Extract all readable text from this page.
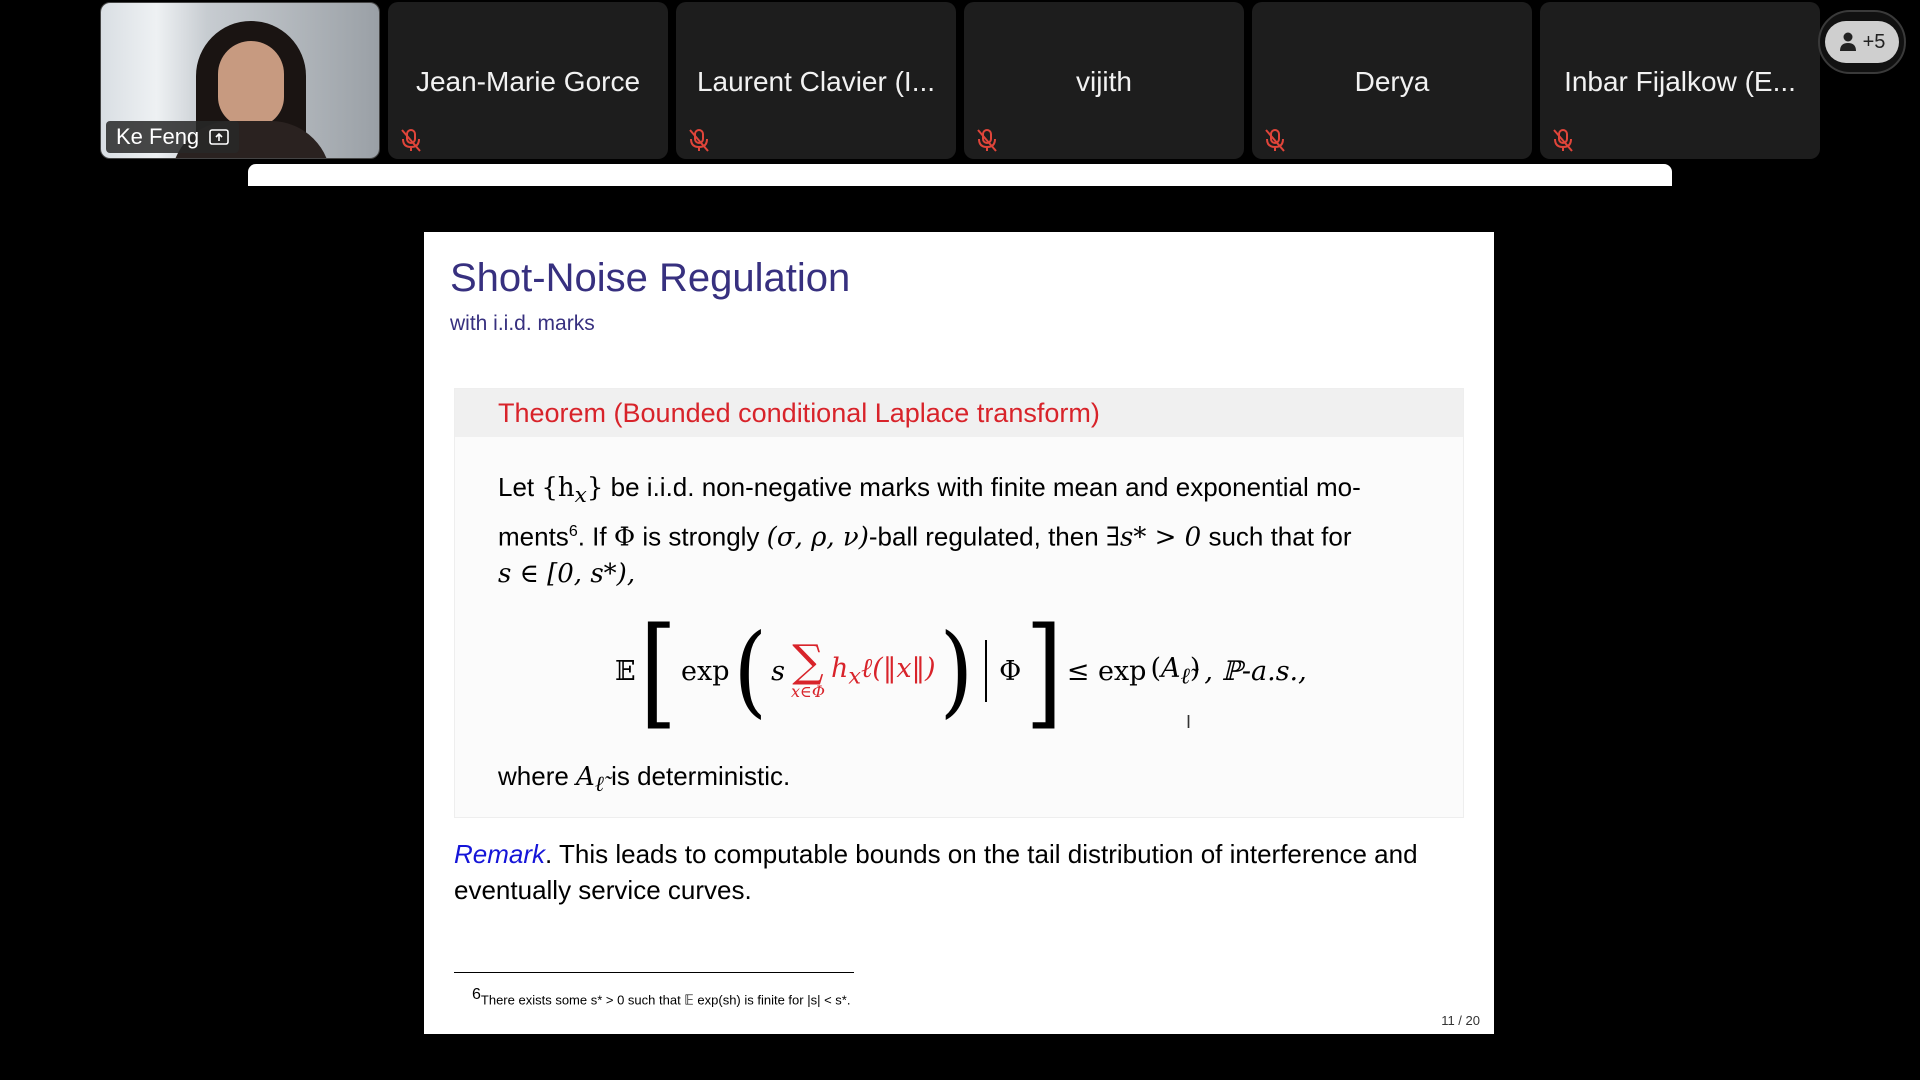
Ke Feng
Jean-Marie Gorce	Laurent Clavier (I...	vijith	Derya	Inbar Fijalkow (E...
+5
Shot-Noise Regulation
with i.i.d. marks
Theorem (Bounded conditional Laplace transform)
Let $\{h_x\}$ be i.i.d. non-negative marks with finite mean and exponential mo-
ments$^6$. If Φ is strongly (σ, ρ, ν)-ball regulated, then ∃s* > 0 such that for
s ∈ [0, s*),
𝔼 [ exp ( s ∑
x∈Φ
$h_x\ell(‖x‖)$ ) Φ ] ≤ $\exp (A_{\ell̃})$ , ℙ-a.s.,
where $A_{\ell̃}$ is deterministic.
Remark. This leads to computable bounds on the tail distribution of interference and eventually service curves.
$^6$There exists some s* > 0 such that 𝔼 exp(sh) is finite for |s| < s*.
11 / 20
I
